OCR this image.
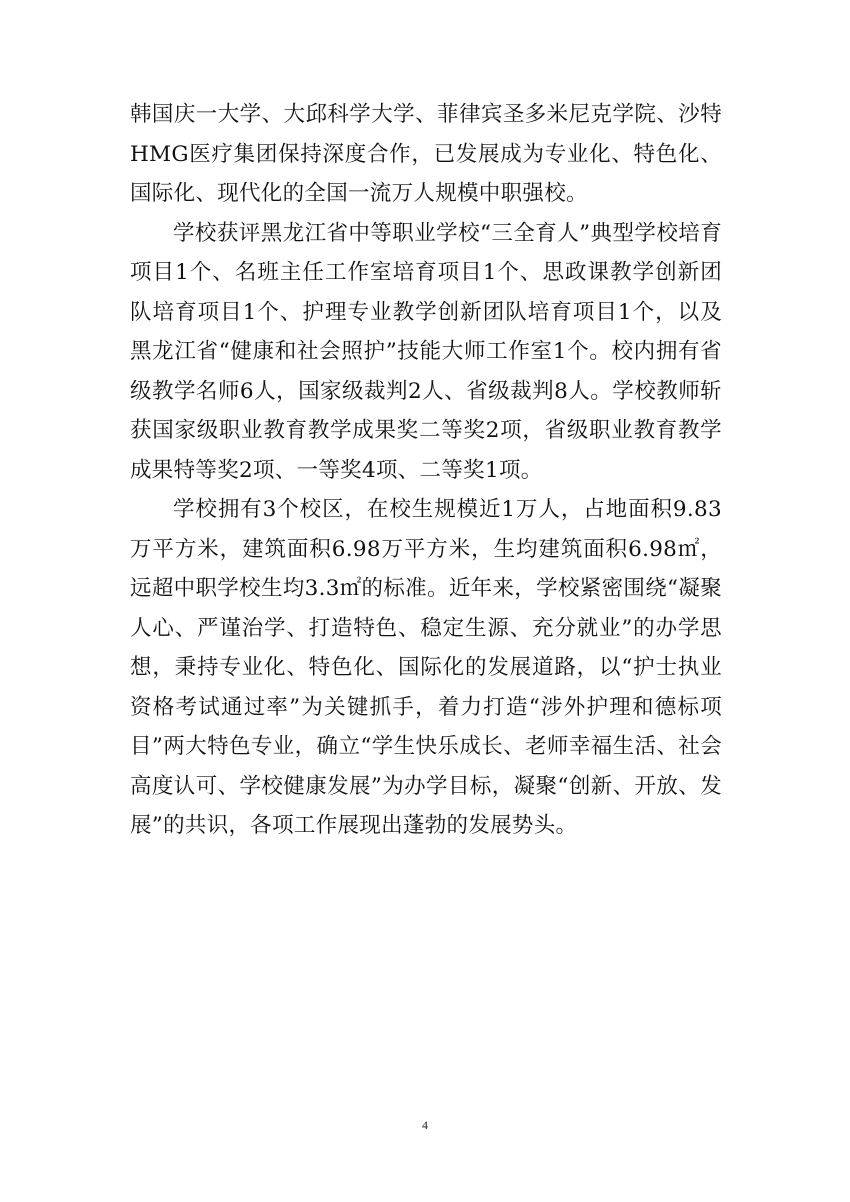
韩国庆一大学、大邱科学大学、菲律宾圣多米尼克学院、沙特HMG医疗集团保持深度合作，已发展成为专业化、特色化、国际化、现代化的全国一流万人规模中职强校。

学校获评黑龙江省中等职业学校“三全育人”典型学校培育项目1个、名班主任工作室培育项目1个、思政课教学创新团队培育项目1个、护理专业教学创新团队培育项目1个，以及黑龙江省“健康和社会照护”技能大师工作室1个。校内拥有省级教学名师6人，国家级裁判2人、省级裁判8人。学校教师斩获国家级职业教育教学成果奖二等奖2项，省级职业教育教学成果特等奖2项、一等奖4项、二等奖1项。

学校拥有3个校区，在校生规模近1万人，占地面积9.83万平方米，建筑面积6.98万平方米，生均建筑面积6.98㎡，远超中职学校生均3.3㎡的标准。近年来，学校紧密围绕“凝聚人心、严谨治学、打造特色、稳定生源、充分就业”的办学思想，秉持专业化、特色化、国际化的发展道路，以“护士执业资格考试通过率”为关键抓手，着力打造“涉外护理和德标项目”两大特色专业，确立“学生快乐成长、老师幸福生活、社会高度认可、学校健康发展”为办学目标，凝聚“创新、开放、发展”的共识，各项工作展现出蓬勃的发展势头。

4
